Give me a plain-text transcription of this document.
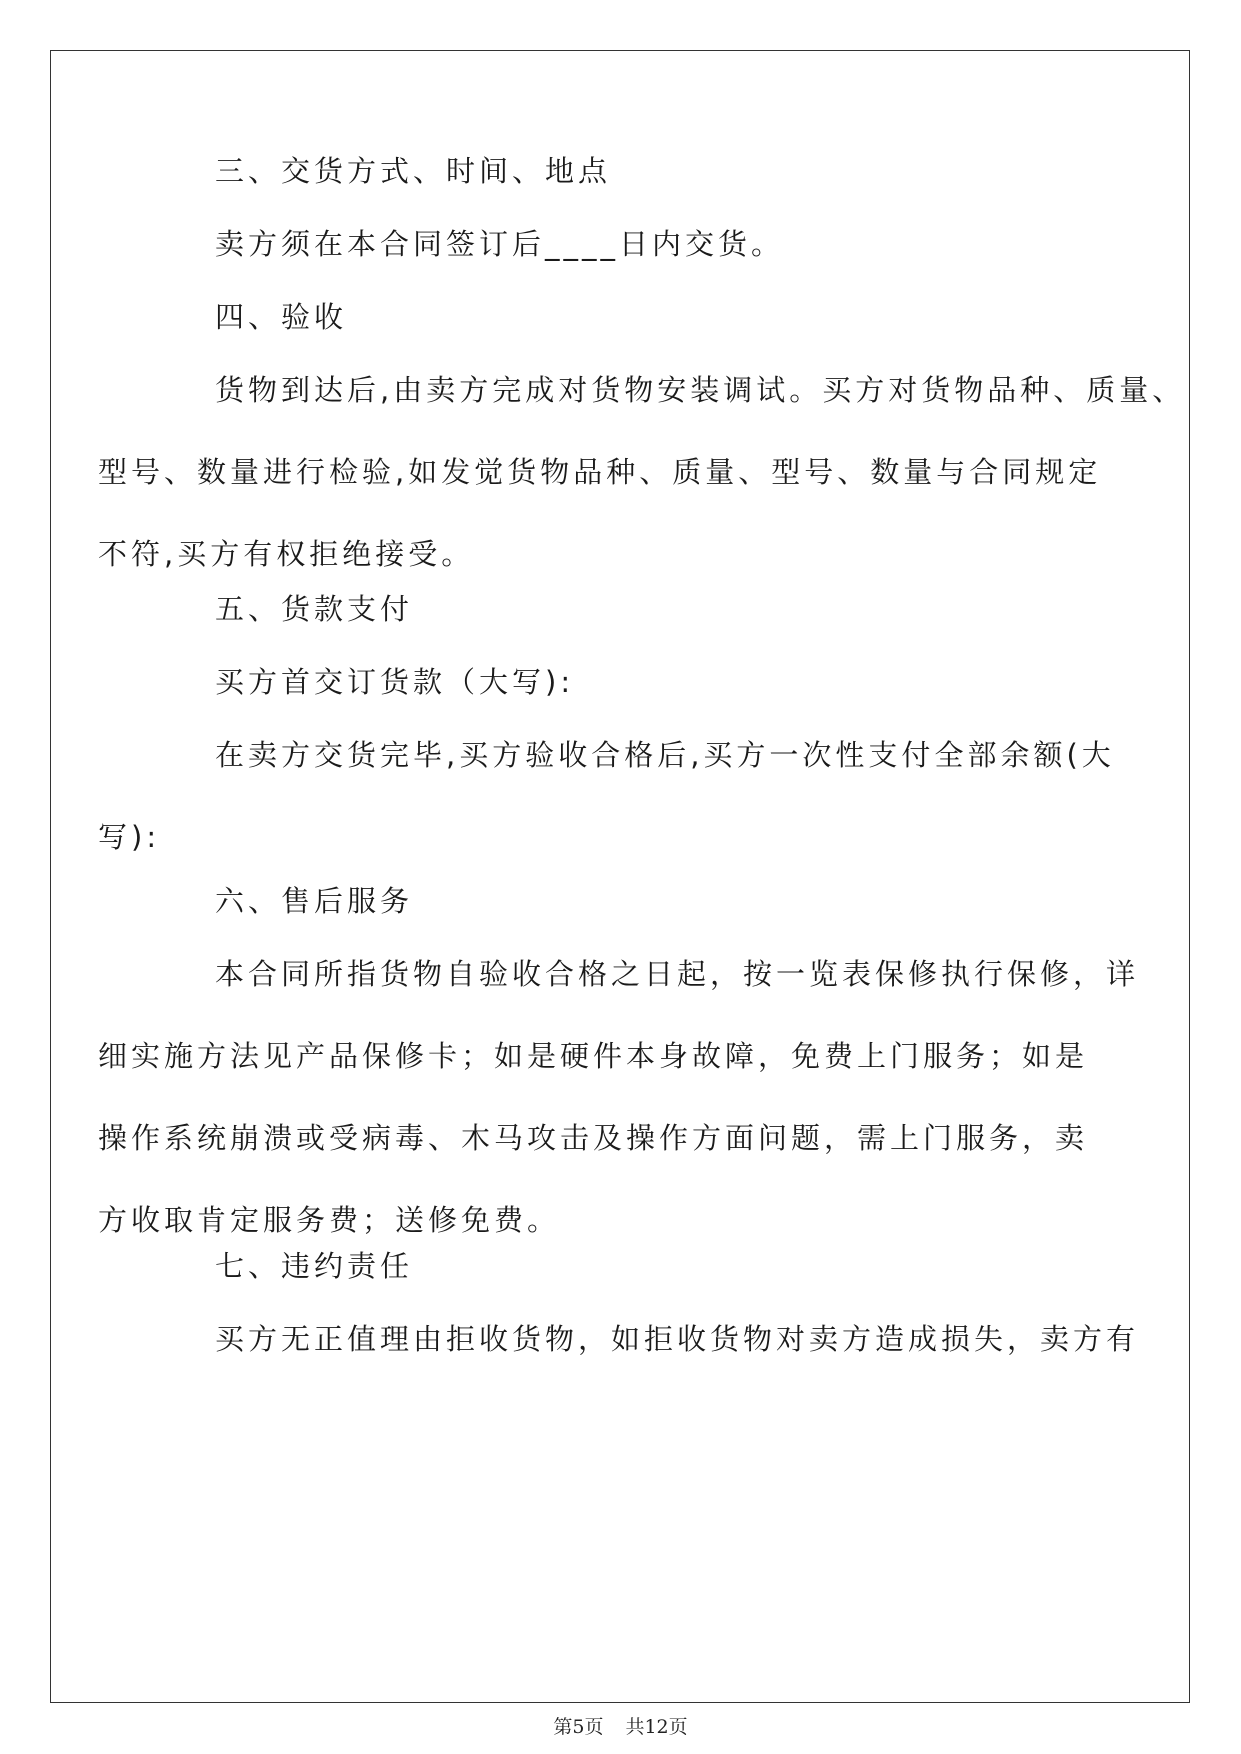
三、交货方式、时间、地点

卖方须在本合同签订后____日内交货。

四、验收

货物到达后,由卖方完成对货物安装调试。买方对货物品种、质量、
型号、数量进行检验,如发觉货物品种、质量、型号、数量与合同规定
不符,买方有权拒绝接受。

五、货款支付

买方首交订货款（大写):

在卖方交货完毕,买方验收合格后,买方一次性支付全部余额(大
写):

六、售后服务

本合同所指货物自验收合格之日起，按一览表保修执行保修，详
细实施方法见产品保修卡；如是硬件本身故障，免费上门服务；如是
操作系统崩溃或受病毒、木马攻击及操作方面问题，需上门服务，卖
方收取肯定服务费；送修免费。

七、违约责任

买方无正值理由拒收货物，如拒收货物对卖方造成损失，卖方有

第5页 共12页
